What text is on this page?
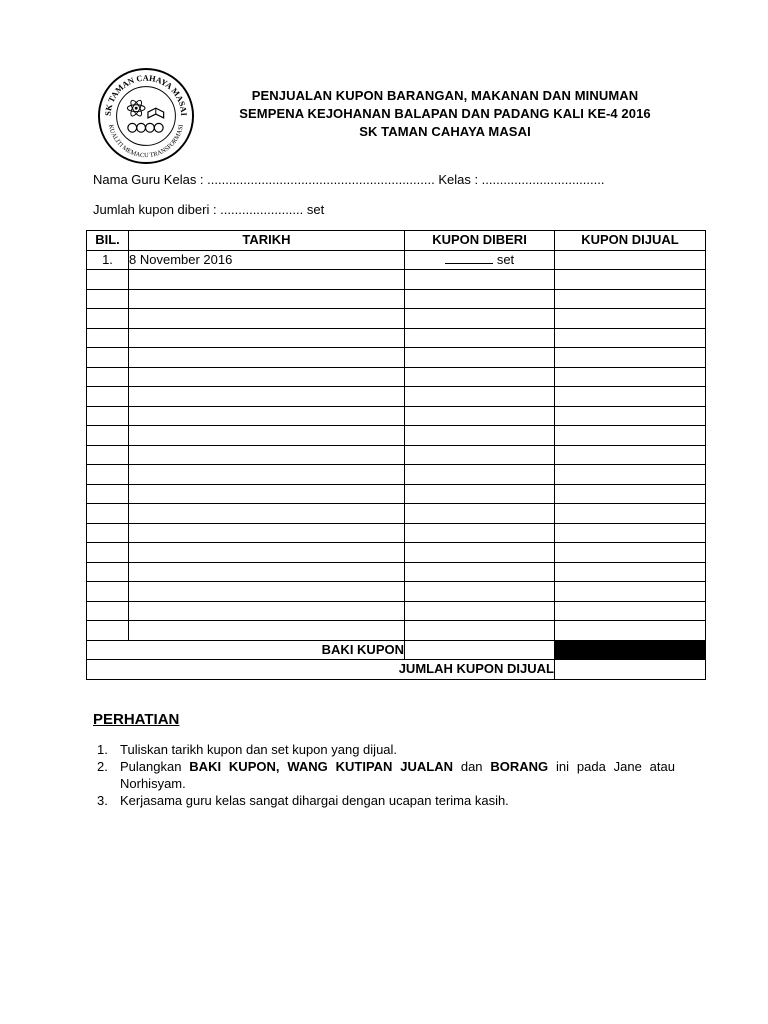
SK TAMAN CAHAYA MASAI
KUALITI MEMACU TRANSFORMASI
PENJUALAN KUPON BARANGAN, MAKANAN DAN MINUMAN
SEMPENA KEJOHANAN BALAPAN DAN PADANG KALI KE-4 2016
SK TAMAN CAHAYA MASAI
Nama Guru Kelas : ............................................................... Kelas : ..................................
Jumlah kupon diberi : ....................... set
BIL.	TARIKH	KUPON DIBERI	KUPON DIJUAL
1.	8 November 2016	set	

BAKI KUPON			
JUMLAH KUPON DIJUAL			
PERHATIAN
1. Tuliskan tarikh kupon dan set kupon yang dijual.
2. Pulangkan BAKI KUPON, WANG KUTIPAN JUALAN dan BORANG ini pada Jane atau Norhisyam.
3. Kerjasama guru kelas sangat dihargai dengan ucapan terima kasih.
